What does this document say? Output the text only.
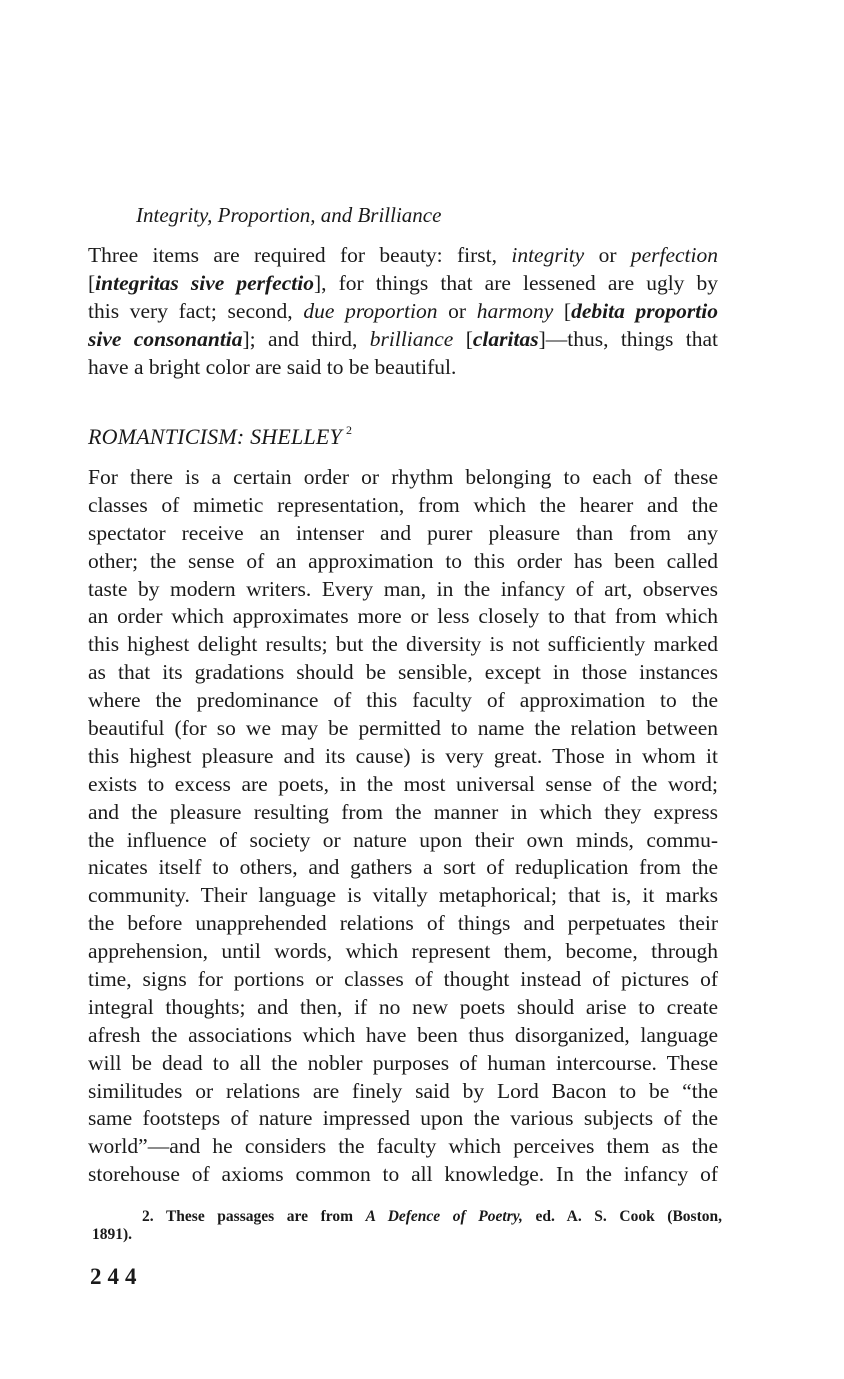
Integrity, Proportion, and Brilliance

Three items are required for beauty: first, integrity or perfection
[integritas sive perfectio], for things that are lessened are ugly by
this very fact; second, due proportion or harmony [debita proportio
sive consonantia]; and third, brilliance [claritas]—thus, things that
have a bright color are said to be beautiful.

ROMANTICISM: SHELLEY $^2$

For there is a certain order or rhythm belonging to each of these
classes of mimetic representation, from which the hearer and the
spectator receive an intenser and purer pleasure than from any
other; the sense of an approximation to this order has been called
taste by modern writers. Every man, in the infancy of art, observes
an order which approximates more or less closely to that from which
this highest delight results; but the diversity is not sufficiently marked
as that its gradations should be sensible, except in those instances
where the predominance of this faculty of approximation to the
beautiful (for so we may be permitted to name the relation between
this highest pleasure and its cause) is very great. Those in whom it
exists to excess are poets, in the most universal sense of the word;
and the pleasure resulting from the manner in which they express
the influence of society or nature upon their own minds, commu-
nicates itself to others, and gathers a sort of reduplication from the
community. Their language is vitally metaphorical; that is, it marks
the before unapprehended relations of things and perpetuates their
apprehension, until words, which represent them, become, through
time, signs for portions or classes of thought instead of pictures of
integral thoughts; and then, if no new poets should arise to create
afresh the associations which have been thus disorganized, language
will be dead to all the nobler purposes of human intercourse. These
similitudes or relations are finely said by Lord Bacon to be “the
same footsteps of nature impressed upon the various subjects of the
world”—and he considers the faculty which perceives them as the
storehouse of axioms common to all knowledge. In the infancy of

2. These passages are from A Defence of Poetry, ed. A. S. Cook (Boston,
1891).
244
